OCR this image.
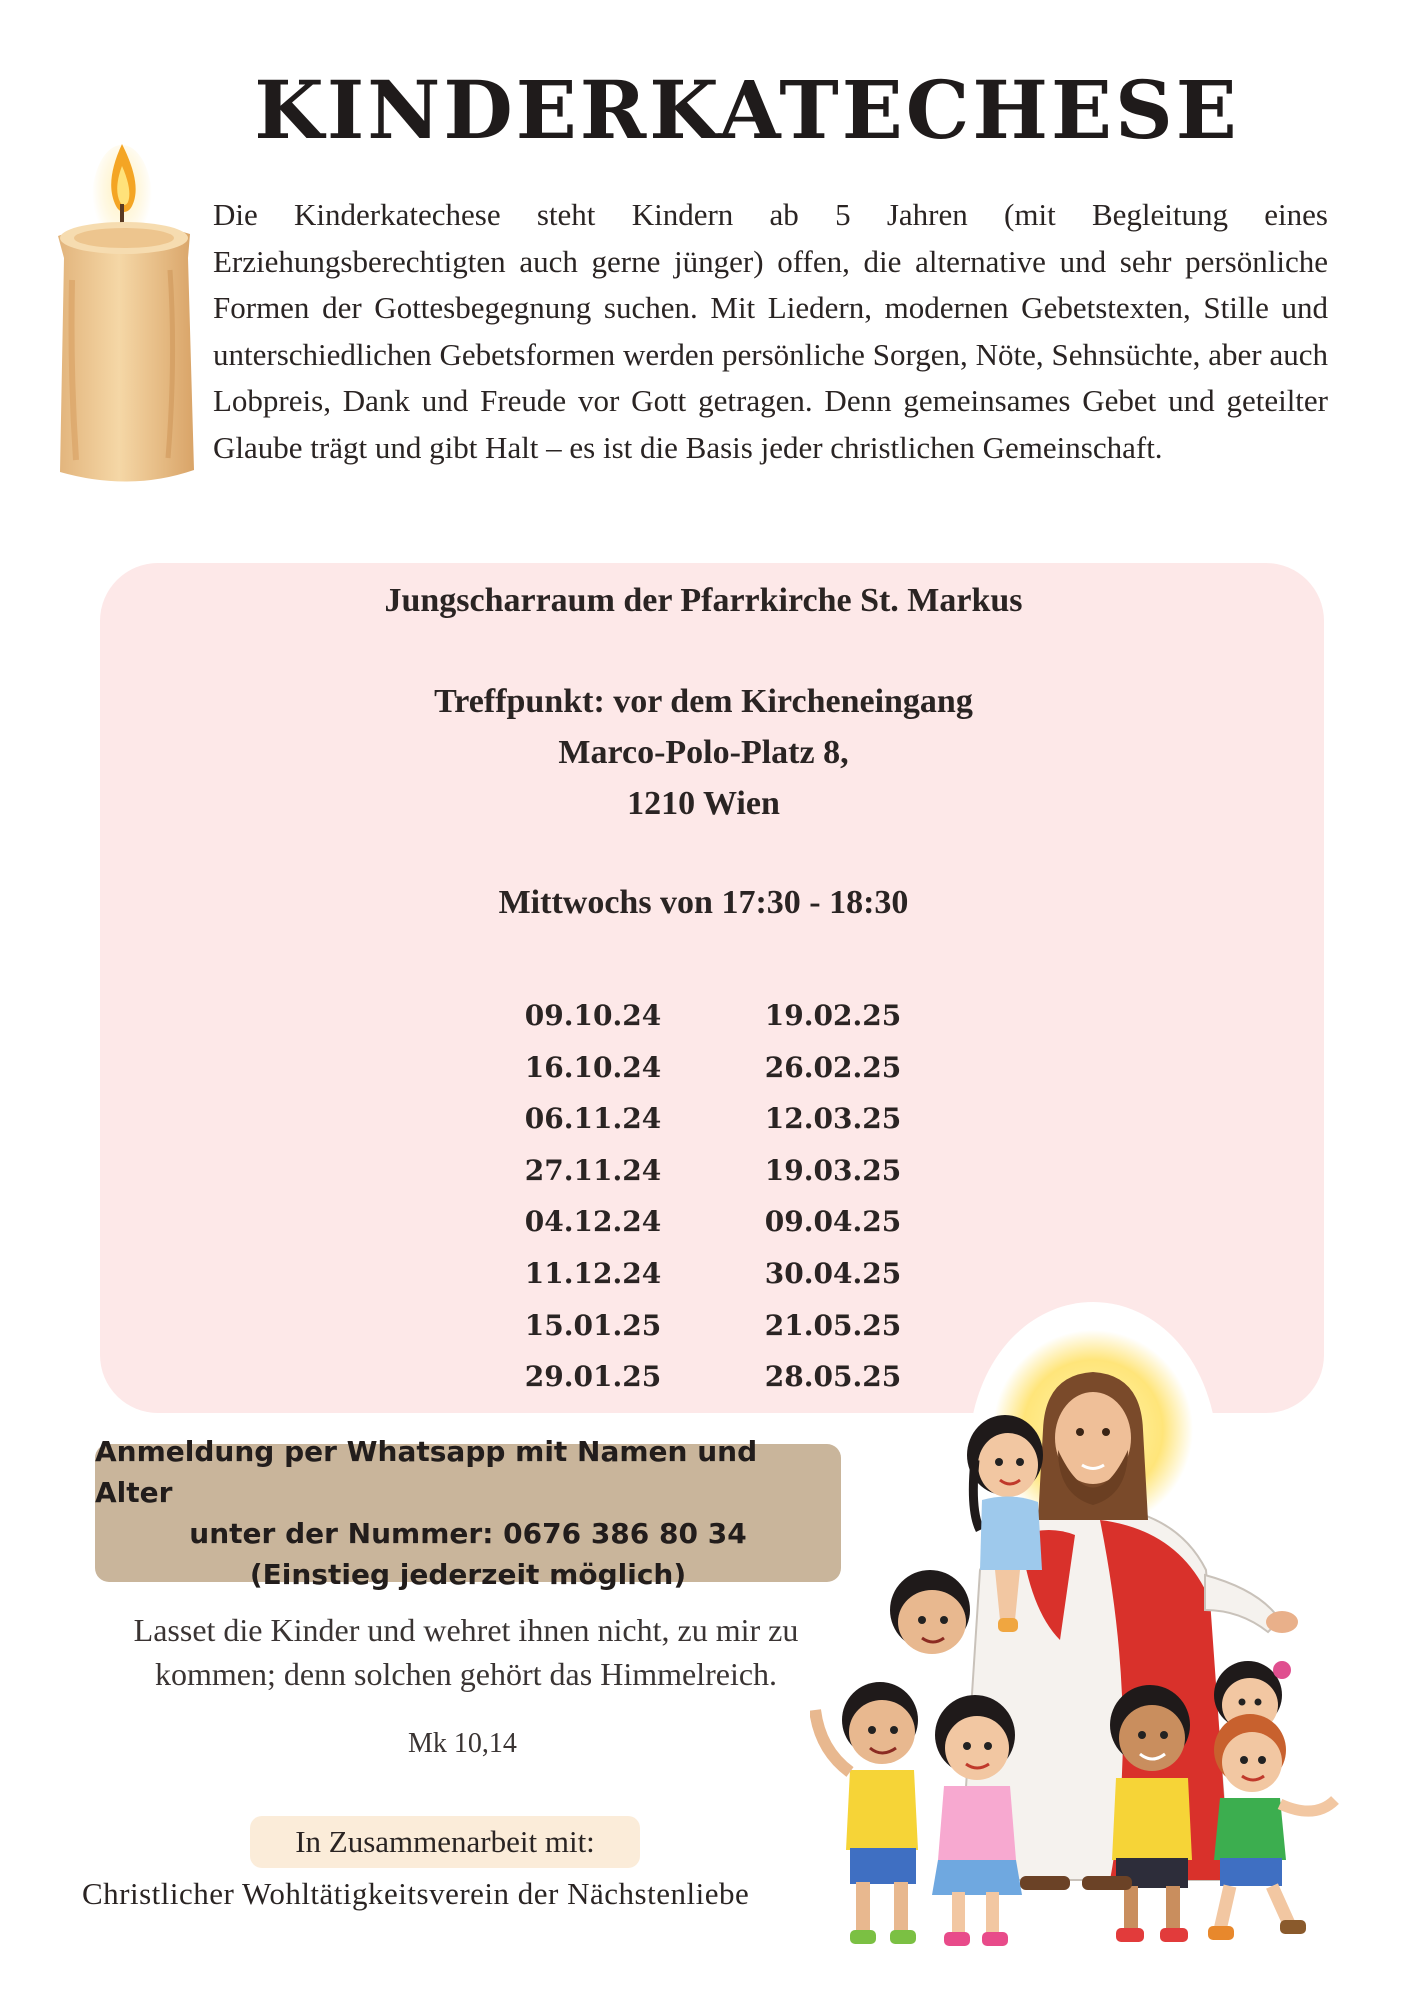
KINDERKATECHESE

Die Kinderkatechese steht Kindern ab 5 Jahren (mit Begleitung eines Erziehungsberechtigten auch gerne jünger) offen, die alternative und sehr persönliche Formen der Gottesbegegnung suchen. Mit Liedern, modernen Gebetstexten, Stille und unterschiedlichen Gebetsformen werden persönliche Sorgen, Nöte, Sehnsüchte, aber auch Lobpreis, Dank und Freude vor Gott getragen. Denn gemeinsames Gebet und geteilter Glaube trägt und gibt Halt – es ist die Basis jeder christlichen Gemeinschaft.

Jungscharraum der Pfarrkirche St. Markus

Treffpunkt: vor dem Kircheneingang

Marco-Polo-Platz 8,

1210 Wien

Mittwochs von 17:30 - 18:30

09.10.24
16.10.24
06.11.24
27.11.24
04.12.24
11.12.24
15.01.25
29.01.25
19.02.25
26.02.25
12.03.25
19.03.25
09.04.25
30.04.25
21.05.25
28.05.25
Anmeldung per Whatsapp mit Namen und Alter
unter der Nummer: 0676 386 80 34
(Einstieg jederzeit möglich)
Lasset die Kinder und wehret ihnen nicht, zu mir zu
kommen; denn solchen gehört das Himmelreich.

Mk 10,14

In Zusammenarbeit mit:

Christlicher Wohltätigkeitsverein der Nächstenliebe
